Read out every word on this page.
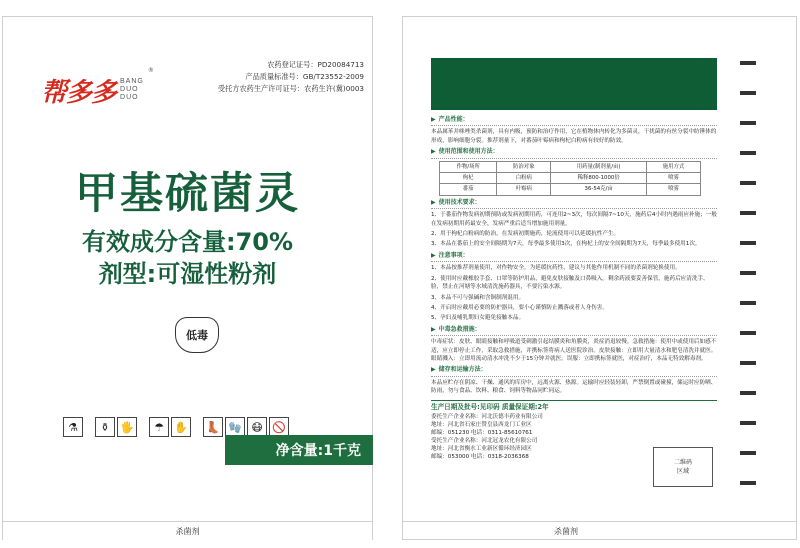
帮多多 BANG
DUO
DUO
®
农药登记证号：PD20084713
产品质量标准号：GB/T23552-2009
受托方农药生产许可证号：农药生许(冀)0003
甲基硫菌灵
有效成分含量:70%
剂型:可湿性粉剂
低毒
⚗	⚱ 🖐	☂ ✋ 👢 🧤 😷 🚫
净含量:1千克
杀菌剂
▶ 产品性能：
本品属苯并咪唑类杀菌剂，具有内吸，预防和治疗作用，它在植物体内转化为多菌灵，干扰菌的有丝分裂中纺锤体的形成，影响细胞分裂。推荐剂量下，对番茄叶霉病和枸杞白粉病有较好的防效。
▶ 使用范围和使用方法：
作物/场所	防治对象	用药量(制剂量/亩)	施用方式
枸杞	白粉病	稀释800-1000倍	喷雾
番茄	叶霉病	36-54克/亩	喷雾
▶ 使用技术要求：
1、于番茄作物发病初期预防或发病初期用药，可连用2~3次，每次间隔7~10天，施药后4小时内遇雨应补施；一般在发病初期用药最安全，发病严重后适当增加施用剂量。
2、用于枸杞白粉病的防治，在发病初期施药，轮流使用可以延缓抗性产生。
3、本品在番茄上的安全间隔期为7天，每季最多使用3次，在枸杞上的安全间隔期为7天，每季最多使用1次。
▶ 注意事项：
1、本品按推荐剂量使用，对作物安全。为延缓抗药性，建议与其他作用机制不同的杀菌剂轮换使用。
2、使用时应戴橡胶手套、口罩等防护用品，避免皮肤接触及口鼻吸入。剩余药液要妥善保管，施药后应清洗手、脸，禁止在河塘等水域清洗施药器具，不要污染水源。
3、本品不可与强碱和含铜制剂混用。
4、开启时应戴用必要的防护器具，要小心谨慎防止溅落或者人身伤害。
5、孕妇及哺乳期妇女避免接触本品。
▶ 中毒急救措施：
中毒症状：皮肤、眼睛接触和呼吸道受刺激引起结膜炎和角膜炎，炎症消退较慢。急救措施：使用中或使用后如感不适，应立即停止工作，采取急救措施，并携标签将病人送医院诊治。皮肤接触：立即用大量清水和肥皂清洗并就医。眼睛溅入：立即用流动清水冲洗不少于15分钟并就医。误服：立即携标签就医，对症治疗，本品无特效解毒剂。
▶ 储存和运输方法：
本品应贮存在阴凉、干燥、通风的库房中，远离火源、热源。运输时应轻装轻卸，严禁倒置或碰撞，储运时应防晒、防雨，勿与食品、饮料、粮食、饲料等物品同贮同运。
生产日期及批号:见印码 质量保证期:2年
委托生产企业名称：河北沃德丰药业有限公司
地址：河北省石家庄赞皇县西龙门工业区
邮编：051230 电话：0311-85610761
受托生产企业名称：河北冠龙农化有限公司
地址：河北省衡水工业新区循环经济园区
邮编：053000 电话：0318-2036368
二维码
区域
杀菌剂
